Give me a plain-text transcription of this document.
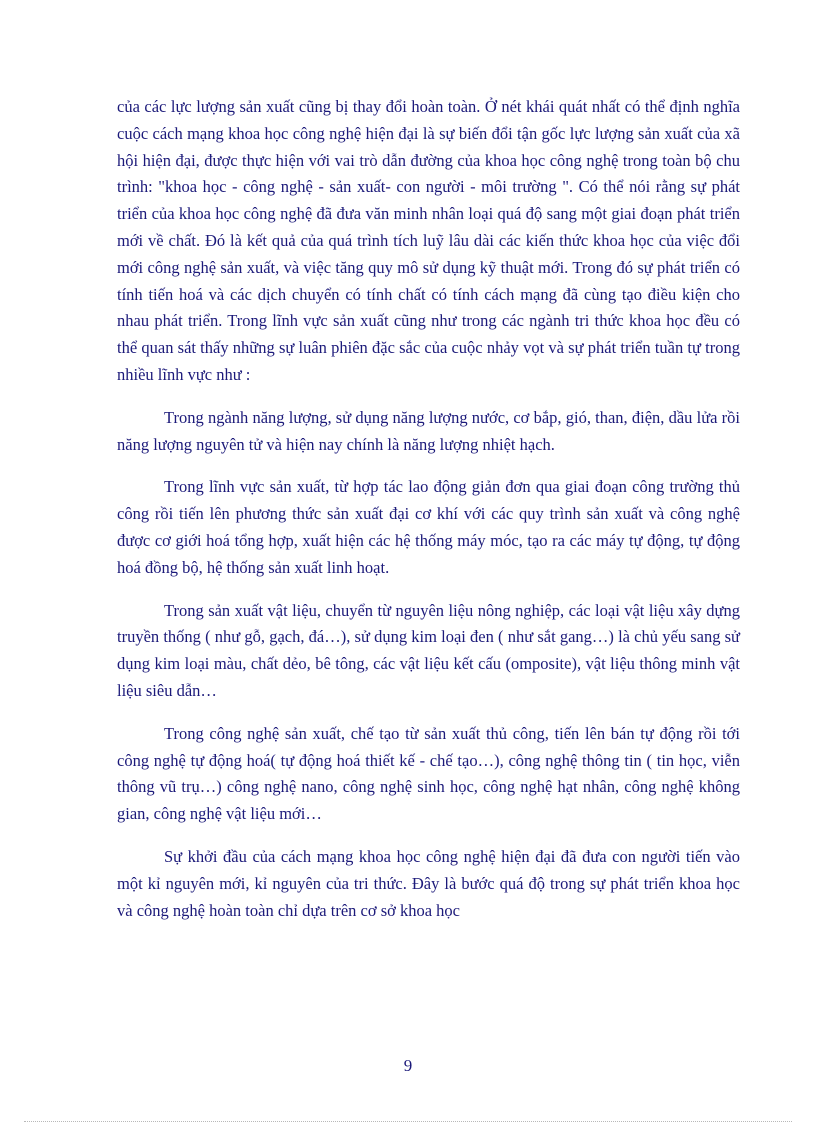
của các lực lượng sản xuất cũng bị thay đổi hoàn toàn. Ở nét khái quát nhất có thể định nghĩa cuộc cách mạng khoa học công nghệ hiện đại là sự biến đổi tận gốc lực lượng sản xuất của xã hội hiện đại, được thực hiện với vai trò dẫn đường của khoa học công nghệ trong toàn bộ chu trình: "khoa học - công nghệ - sản xuất- con người - môi trường ". Có thể nói rằng sự phát triển của khoa học công nghệ đã đưa văn minh nhân loại quá độ sang một giai đoạn phát triển mới về chất. Đó là kết quả của quá trình tích luỹ lâu dài các kiến thức khoa học của việc đổi mới công nghệ sản xuất, và việc tăng quy mô sử dụng kỹ thuật mới. Trong đó sự phát triển có tính tiến hoá và các dịch chuyển có tính chất có tính cách mạng đã cùng tạo điều kiện cho nhau phát triển. Trong lĩnh vực sản xuất cũng như trong các ngành tri thức khoa học đều có thể quan sát thấy những sự luân phiên đặc sắc của cuộc nhảy vọt và sự phát triển tuần tự trong nhiều lĩnh vực như :

Trong ngành năng lượng, sử dụng năng lượng nước, cơ bắp, gió, than, điện, dầu lửa rồi năng lượng nguyên tử và hiện nay chính là năng lượng nhiệt hạch.

Trong lĩnh vực sản xuất, từ hợp tác lao động giản đơn qua giai đoạn công trường thủ công rồi tiến lên phương thức sản xuất đại cơ khí với các quy trình sản xuất và công nghệ được cơ giới hoá tổng hợp, xuất hiện các hệ thống máy móc, tạo ra các máy tự động, tự động hoá đồng bộ, hệ thống sản xuất linh hoạt.

Trong sản xuất vật liệu, chuyển từ nguyên liệu nông nghiệp, các loại vật liệu xây dựng truyền thống ( như gỗ, gạch, đá…), sử dụng kim loại đen ( như sắt gang…) là chủ yếu sang sử dụng kim loại màu, chất dẻo, bê tông, các vật liệu kết cấu (omposite), vật liệu thông minh vật liệu siêu dẫn…

Trong công nghệ sản xuất, chế tạo từ sản xuất thủ công, tiến lên bán tự động rồi tới công nghệ tự động hoá( tự động hoá thiết kế - chế tạo…), công nghệ thông tin ( tin học, viễn thông vũ trụ…) công nghệ nano, công nghệ sinh học, công nghệ hạt nhân, công nghệ không gian, công nghệ vật liệu mới…

Sự khởi đầu của cách mạng khoa học công nghệ hiện đại đã đưa con người tiến vào một kỉ nguyên mới, kỉ nguyên của tri thức. Đây là bước quá độ trong sự phát triển khoa học và công nghệ hoàn toàn chỉ dựa trên cơ sở khoa học

9
